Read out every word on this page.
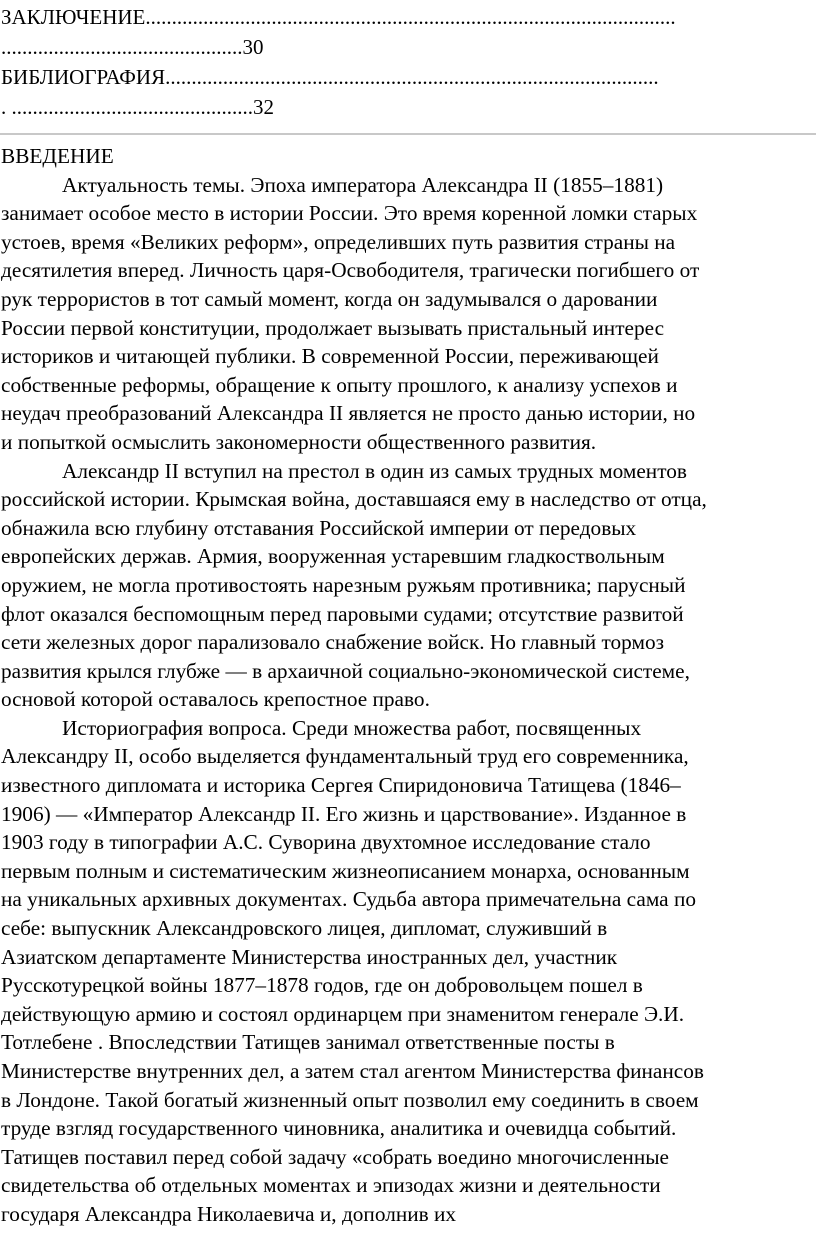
ЗАКЛЮЧЕНИЕ.....................................................................................................
..............................................30
БИБЛИОГРАФИЯ..............................................................................................
. ..............................................32
ВВЕДЕНИЕ
Актуальность темы. Эпоха императора Александра II (1855–1881)
занимает особое место в истории России. Это время коренной ломки старых
устоев, время «Великих реформ», определивших путь развития страны на
десятилетия вперед. Личность царя-Освободителя, трагически погибшего от
рук террористов в тот самый момент, когда он задумывался о даровании
России первой конституции, продолжает вызывать пристальный интерес
историков и читающей публики. В современной России, переживающей
собственные реформы, обращение к опыту прошлого, к анализу успехов и
неудач преобразований Александра II является не просто данью истории, но
и попыткой осмыслить закономерности общественного развития.
Александр II вступил на престол в один из самых трудных моментов
российской истории. Крымская война, доставшаяся ему в наследство от отца,
обнажила всю глубину отставания Российской империи от передовых
европейских держав. Армия, вооруженная устаревшим гладкоствольным
оружием, не могла противостоять нарезным ружьям противника; парусный
флот оказался беспомощным перед паровыми судами; отсутствие развитой
сети железных дорог парализовало снабжение войск. Но главный тормоз
развития крылся глубже — в архаичной социально-экономической системе,
основой которой оставалось крепостное право.
Историография вопроса. Среди множества работ, посвященных
Александру II, особо выделяется фундаментальный труд его современника,
известного дипломата и историка Сергея Спиридоновича Татищева (1846–
1906) — «Император Александр II. Его жизнь и царствование». Изданное в
1903 году в типографии А.С. Суворина двухтомное исследование стало
первым полным и систематическим жизнеописанием монарха, основанным
на уникальных архивных документах. Судьба автора примечательна сама по
себе: выпускник Александровского лицея, дипломат, служивший в
Азиатском департаменте Министерства иностранных дел, участник
Русскотурецкой войны 1877–1878 годов, где он добровольцем пошел в
действующую армию и состоял ординарцем при знаменитом генерале Э.И.
Тотлебене . Впоследствии Татищев занимал ответственные посты в
Министерстве внутренних дел, а затем стал агентом Министерства финансов
в Лондоне. Такой богатый жизненный опыт позволил ему соединить в своем
труде взгляд государственного чиновника, аналитика и очевидца событий.
Татищев поставил перед собой задачу «собрать воедино многочисленные
свидетельства об отдельных моментах и эпизодах жизни и деятельности
государя Александра Николаевича и, дополнив их
